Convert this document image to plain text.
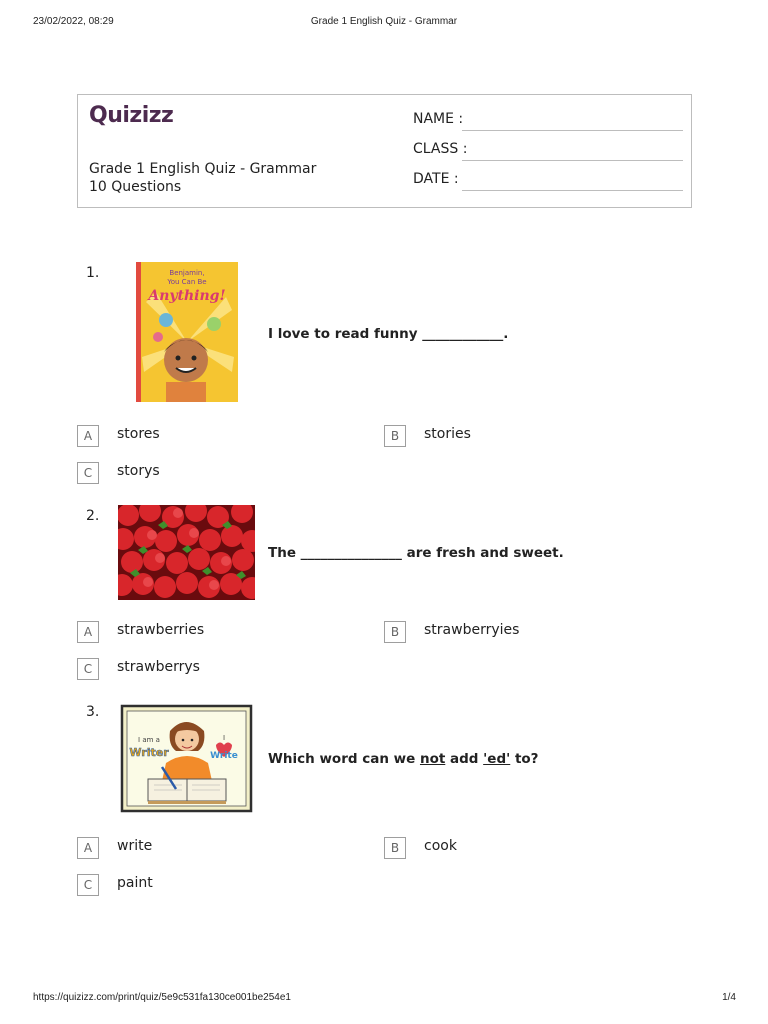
23/02/2022, 08:29	Grade 1 English Quiz - Grammar
Quizizz
Grade 1 English Quiz - Grammar
10 Questions
NAME :
CLASS :
DATE :
1.	Benjamin,
You Can Be
Anything!
I love to read funny ____________.
A	stores	B	stories
C	storys
2.
The _______________ are fresh and sweet.
A	strawberries	B	strawberryies
C	strawberrys
3.
I am a
Writer
I
Write Which word can we not add 'ed' to?
A	write	B	cook
C	paint
https://quizizz.com/print/quiz/5e9c531fa130ce001be254e1	1/4
